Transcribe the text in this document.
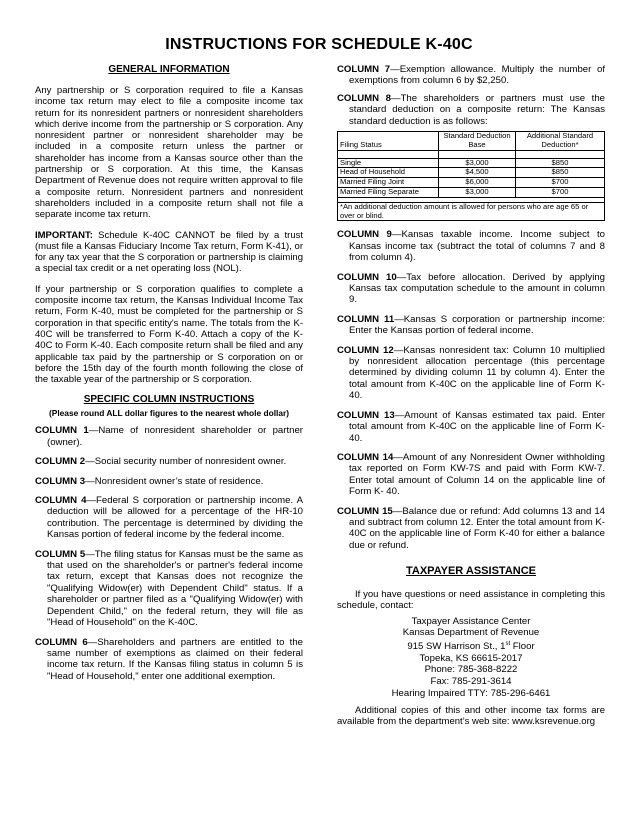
INSTRUCTIONS FOR SCHEDULE K-40C
GENERAL INFORMATION

Any partnership or S corporation required to file a Kansas income tax return may elect to file a composite income tax return for its nonresident partners or nonresident shareholders which derive income from the partnership or S corporation. Any nonresident partner or nonresident shareholder may be included in a composite return unless the partner or shareholder has income from a Kansas source other than the partnership or S corporation. At this time, the Kansas Department of Revenue does not require written approval to file a composite return. Nonresident partners and nonresident shareholders included in a composite return shall not file a separate income tax return.

IMPORTANT: Schedule K-40C CANNOT be filed by a trust (must file a Kansas Fiduciary Income Tax return, Form K-41), or for any tax year that the S corporation or partnership is claiming a special tax credit or a net operating loss (NOL).

If your partnership or S corporation qualifies to complete a composite income tax return, the Kansas Individual Income Tax return, Form K-40, must be completed for the partnership or S corporation in that specific entity's name. The totals from the K-40C will be transferred to Form K-40. Attach a copy of the K-40C to Form K-40. Each composite return shall be filed and any applicable tax paid by the partnership or S corporation on or before the 15th day of the fourth month following the close of the taxable year of the partnership or S corporation.

SPECIFIC COLUMN INSTRUCTIONS
(Please round ALL dollar figures to the nearest whole dollar)
COLUMN 1—Name of nonresident shareholder or partner (owner).
COLUMN 2—Social security number of nonresident owner.
COLUMN 3—Nonresident owner’s state of residence.
COLUMN 4—Federal S corporation or partnership income. A deduction will be allowed for a percentage of the HR-10 contribution. The percentage is determined by dividing the Kansas portion of federal income by the federal income.
COLUMN 5—The filing status for Kansas must be the same as that used on the shareholder's or partner's federal income tax return, except that Kansas does not recognize the "Qualifying Widow(er) with Dependent Child" status. If a shareholder or partner filed as a "Qualifying Widow(er) with Dependent Child," on the federal return, they will file as "Head of Household" on the K-40C.
COLUMN 6—Shareholders and partners are entitled to the same number of exemptions as claimed on their federal income tax return. If the Kansas filing status in column 5 is "Head of Household," enter one additional exemption.
COLUMN 7—Exemption allowance. Multiply the number of exemptions from column 6 by $2,250.
COLUMN 8—The shareholders or partners must use the standard deduction on a composite return: The Kansas standard deduction is as follows:
Filing Status	Standard Deduction Base	Additional Standard Deduction*

Single	$3,000	$850
Head of Household	$4,500	$850
Married Filing Joint	$6,000	$700
Married Filing Separate	$3,000	$700

*An additional deduction amount is allowed for persons who are age 65 or over or blind.		
COLUMN 9—Kansas taxable income. Income subject to Kansas income tax (subtract the total of columns 7 and 8 from column 4).
COLUMN 10—Tax before allocation. Derived by applying Kansas tax computation schedule to the amount in column 9.
COLUMN 11—Kansas S corporation or partnership income: Enter the Kansas portion of federal income.
COLUMN 12—Kansas nonresident tax: Column 10 multiplied by nonresident allocation percentage (this percentage determined by dividing column 11 by column 4). Enter the total amount from K-40C on the applicable line of Form K-40.
COLUMN 13—Amount of Kansas estimated tax paid. Enter total amount from K-40C on the applicable line of Form K- 40.
COLUMN 14—Amount of any Nonresident Owner withholding tax reported on Form KW-7S and paid with Form KW-7. Enter total amount of Column 14 on the applicable line of Form K- 40.
COLUMN 15—Balance due or refund: Add columns 13 and 14 and subtract from column 12. Enter the total amount from K-40C on the applicable line of Form K-40 for either a balance due or refund.
TAXPAYER ASSISTANCE

If you have questions or need assistance in completing this schedule, contact:

Taxpayer Assistance Center
Kansas Department of Revenue
915 SW Harrison St., 1st Floor
Topeka, KS 66615-2017
Phone: 785-368-8222
Fax: 785-291-3614
Hearing Impaired TTY: 785-296-6461

Additional copies of this and other income tax forms are available from the department’s web site: www.ksrevenue.org
